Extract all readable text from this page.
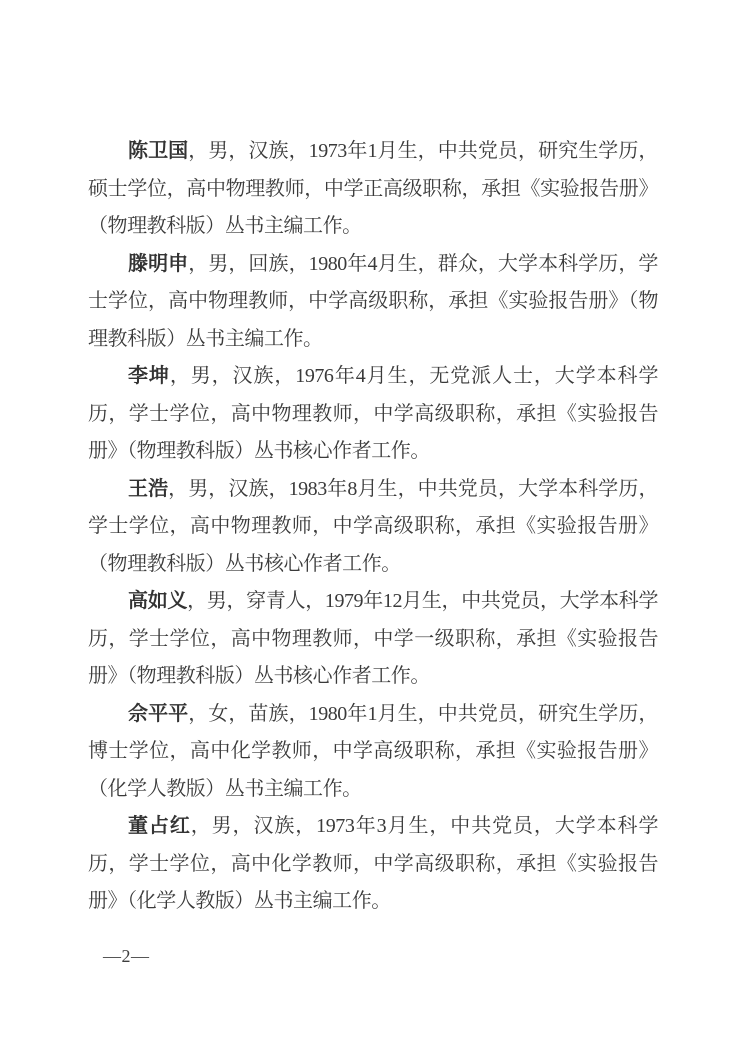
陈卫国，男，汉族，1973年1月生，中共党员，研究生学历，硕士学位，高中物理教师，中学正高级职称，承担《实验报告册》（物理教科版）丛书主编工作。

滕明申，男，回族，1980年4月生，群众，大学本科学历，学士学位，高中物理教师，中学高级职称，承担《实验报告册》（物理教科版）丛书主编工作。

李坤，男，汉族，1976年4月生，无党派人士，大学本科学历，学士学位，高中物理教师，中学高级职称，承担《实验报告册》（物理教科版）丛书核心作者工作。

王浩，男，汉族，1983年8月生，中共党员，大学本科学历，学士学位，高中物理教师，中学高级职称，承担《实验报告册》（物理教科版）丛书核心作者工作。

高如义，男，穿青人，1979年12月生，中共党员，大学本科学历，学士学位，高中物理教师，中学一级职称，承担《实验报告册》（物理教科版）丛书核心作者工作。

佘平平，女，苗族，1980年1月生，中共党员，研究生学历，博士学位，高中化学教师，中学高级职称，承担《实验报告册》（化学人教版）丛书主编工作。

董占红，男，汉族，1973年3月生，中共党员，大学本科学历，学士学位，高中化学教师，中学高级职称，承担《实验报告册》（化学人教版）丛书主编工作。

—2—
